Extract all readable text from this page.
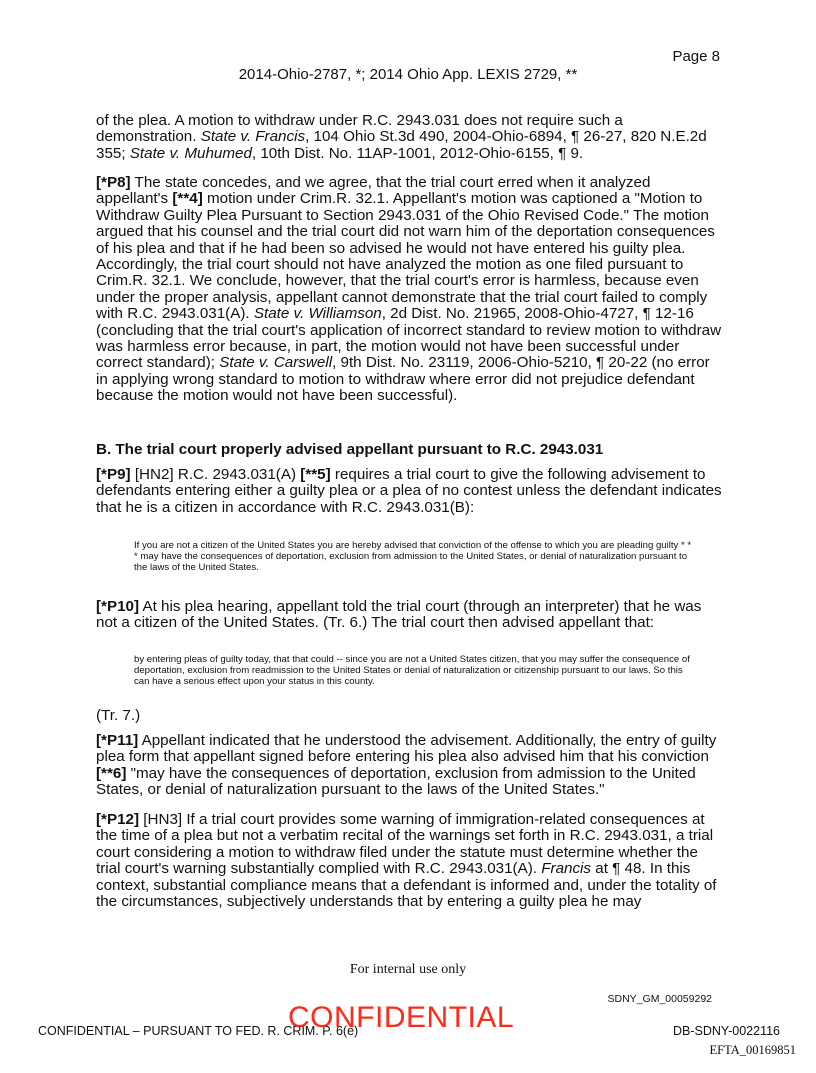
Page 8
2014-Ohio-2787, *; 2014 Ohio App. LEXIS 2729, **

of the plea. A motion to withdraw under R.C. 2943.031 does not require such a demonstration. State v. Francis, 104 Ohio St.3d 490, 2004-Ohio-6894, ¶ 26-27, 820 N.E.2d 355; State v. Muhumed, 10th Dist. No. 11AP-1001, 2012-Ohio-6155, ¶ 9.

[*P8] The state concedes, and we agree, that the trial court erred when it analyzed appellant's [**4] motion under Crim.R. 32.1. Appellant's motion was captioned a "Motion to Withdraw Guilty Plea Pursuant to Section 2943.031 of the Ohio Revised Code." The motion argued that his counsel and the trial court did not warn him of the deportation consequences of his plea and that if he had been so advised he would not have entered his guilty plea. Accordingly, the trial court should not have analyzed the motion as one filed pursuant to Crim.R. 32.1. We conclude, however, that the trial court's error is harmless, because even under the proper analysis, appellant cannot demonstrate that the trial court failed to comply with R.C. 2943.031(A). State v. Williamson, 2d Dist. No. 21965, 2008-Ohio-4727, ¶ 12-16 (concluding that the trial court's application of incorrect standard to review motion to withdraw was harmless error because, in part, the motion would not have been successful under correct standard); State v. Carswell, 9th Dist. No. 23119, 2006-Ohio-5210, ¶ 20-22 (no error in applying wrong standard to motion to withdraw where error did not prejudice defendant because the motion would not have been successful).

B. The trial court properly advised appellant pursuant to R.C. 2943.031

[*P9] [HN2] R.C. 2943.031(A) [**5] requires a trial court to give the following advisement to defendants entering either a guilty plea or a plea of no contest unless the defendant indicates that he is a citizen in accordance with R.C. 2943.031(B):

If you are not a citizen of the United States you are hereby advised that conviction of the offense to which you are pleading guilty * * * may have the consequences of deportation, exclusion from admission to the United States, or denial of naturalization pursuant to the laws of the United States.

[*P10] At his plea hearing, appellant told the trial court (through an interpreter) that he was not a citizen of the United States. (Tr. 6.) The trial court then advised appellant that:

by entering pleas of guilty today, that that could -- since you are not a United States citizen, that you may suffer the consequence of deportation, exclusion from readmission to the United States or denial of naturalization or citizenship pursuant to our laws. So this can have a serious effect upon your status in this county.

(Tr. 7.)

[*P11] Appellant indicated that he understood the advisement. Additionally, the entry of guilty plea form that appellant signed before entering his plea also advised him that his conviction [**6] "may have the consequences of deportation, exclusion from admission to the United States, or denial of naturalization pursuant to the laws of the United States."

[*P12] [HN3] If a trial court provides some warning of immigration-related consequences at the time of a plea but not a verbatim recital of the warnings set forth in R.C. 2943.031, a trial court considering a motion to withdraw filed under the statute must determine whether the trial court's warning substantially complied with R.C. 2943.031(A). Francis at ¶ 48. In this context, substantial compliance means that a defendant is informed and, under the totality of the circumstances, subjectively understands that by entering a guilty plea he may

For internal use only
SDNY_GM_00059292
CONFIDENTIAL – PURSUANT TO FED. R. CRIM. P. 6(e)
CONFIDENTIAL	DB-SDNY-0022116
EFTA_00169851
